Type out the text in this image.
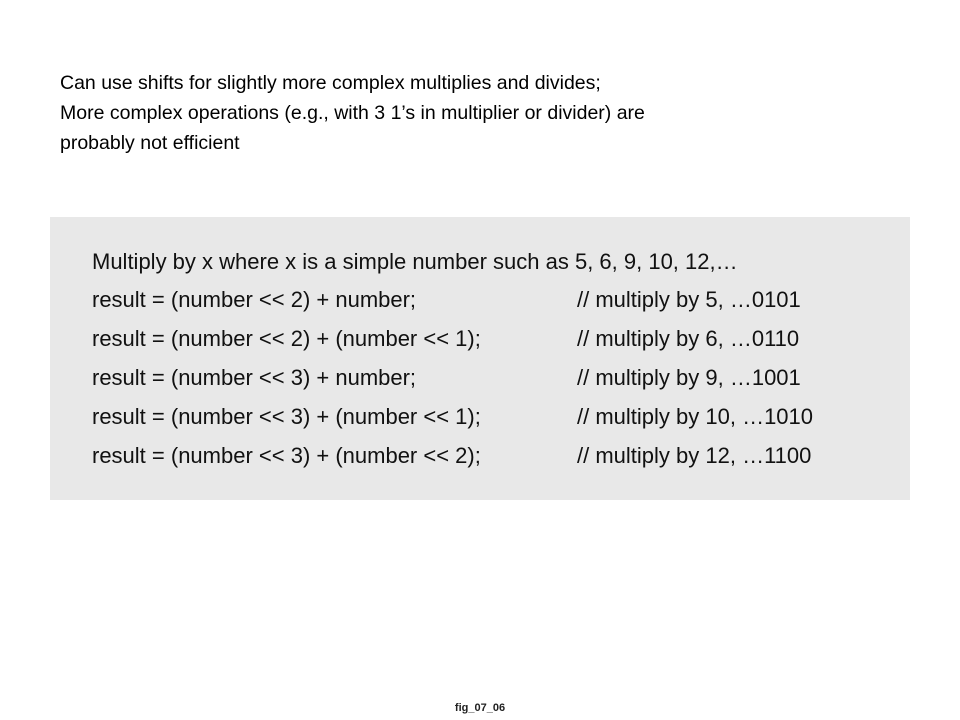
Can use shifts for slightly more complex multiplies and divides;
More complex operations (e.g., with 3 1’s in multiplier or divider) are
probably not efficient

Multiply by x where x is a simple number such as 5, 6, 9, 10, 12,…
result = (number << 2) + number;	// multiply by 5, …0101
result = (number << 2) + (number << 1);	// multiply by 6, …0110
result = (number << 3) + number;	// multiply by 9, …1001
result = (number << 3) + (number << 1);	// multiply by 10, …1010
result = (number << 3) + (number << 2);	// multiply by 12, …1100
fig_07_06
